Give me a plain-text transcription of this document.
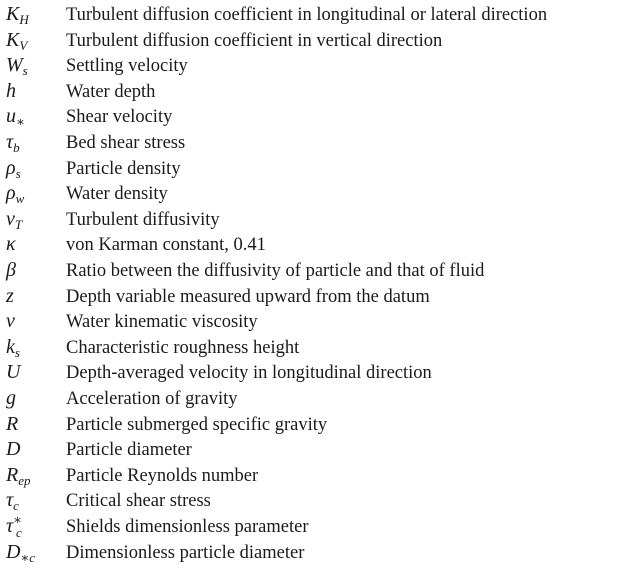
$K_H$ Turbulent diffusion coefficient in longitudinal or lateral direction
$K_V$ Turbulent diffusion coefficient in vertical direction
$W_s$ Settling velocity
h	Water depth
$u_∗$ Shear velocity
$\tau_b$	Bed shear stress
$\rho_s$ Particle density
$\rho_w$ Water density
$\nu_T$ Turbulent diffusivity
κ	von Karman constant, 0.41
β	Ratio between the diffusivity of particle and that of fluid
z	Depth variable measured upward from the datum
ν	Water kinematic viscosity
$k_s$ Characteristic roughness height
U Depth-averaged velocity in longitudinal direction
g	Acceleration of gravity
R	Particle submerged specific gravity
D Particle diameter
$R_{ep}$ Particle Reynolds number
$\tau_c$	Critical shear stress
$\tau^∗_c$ Shields dimensionless parameter
$D_{∗c}$ Dimensionless particle diameter
